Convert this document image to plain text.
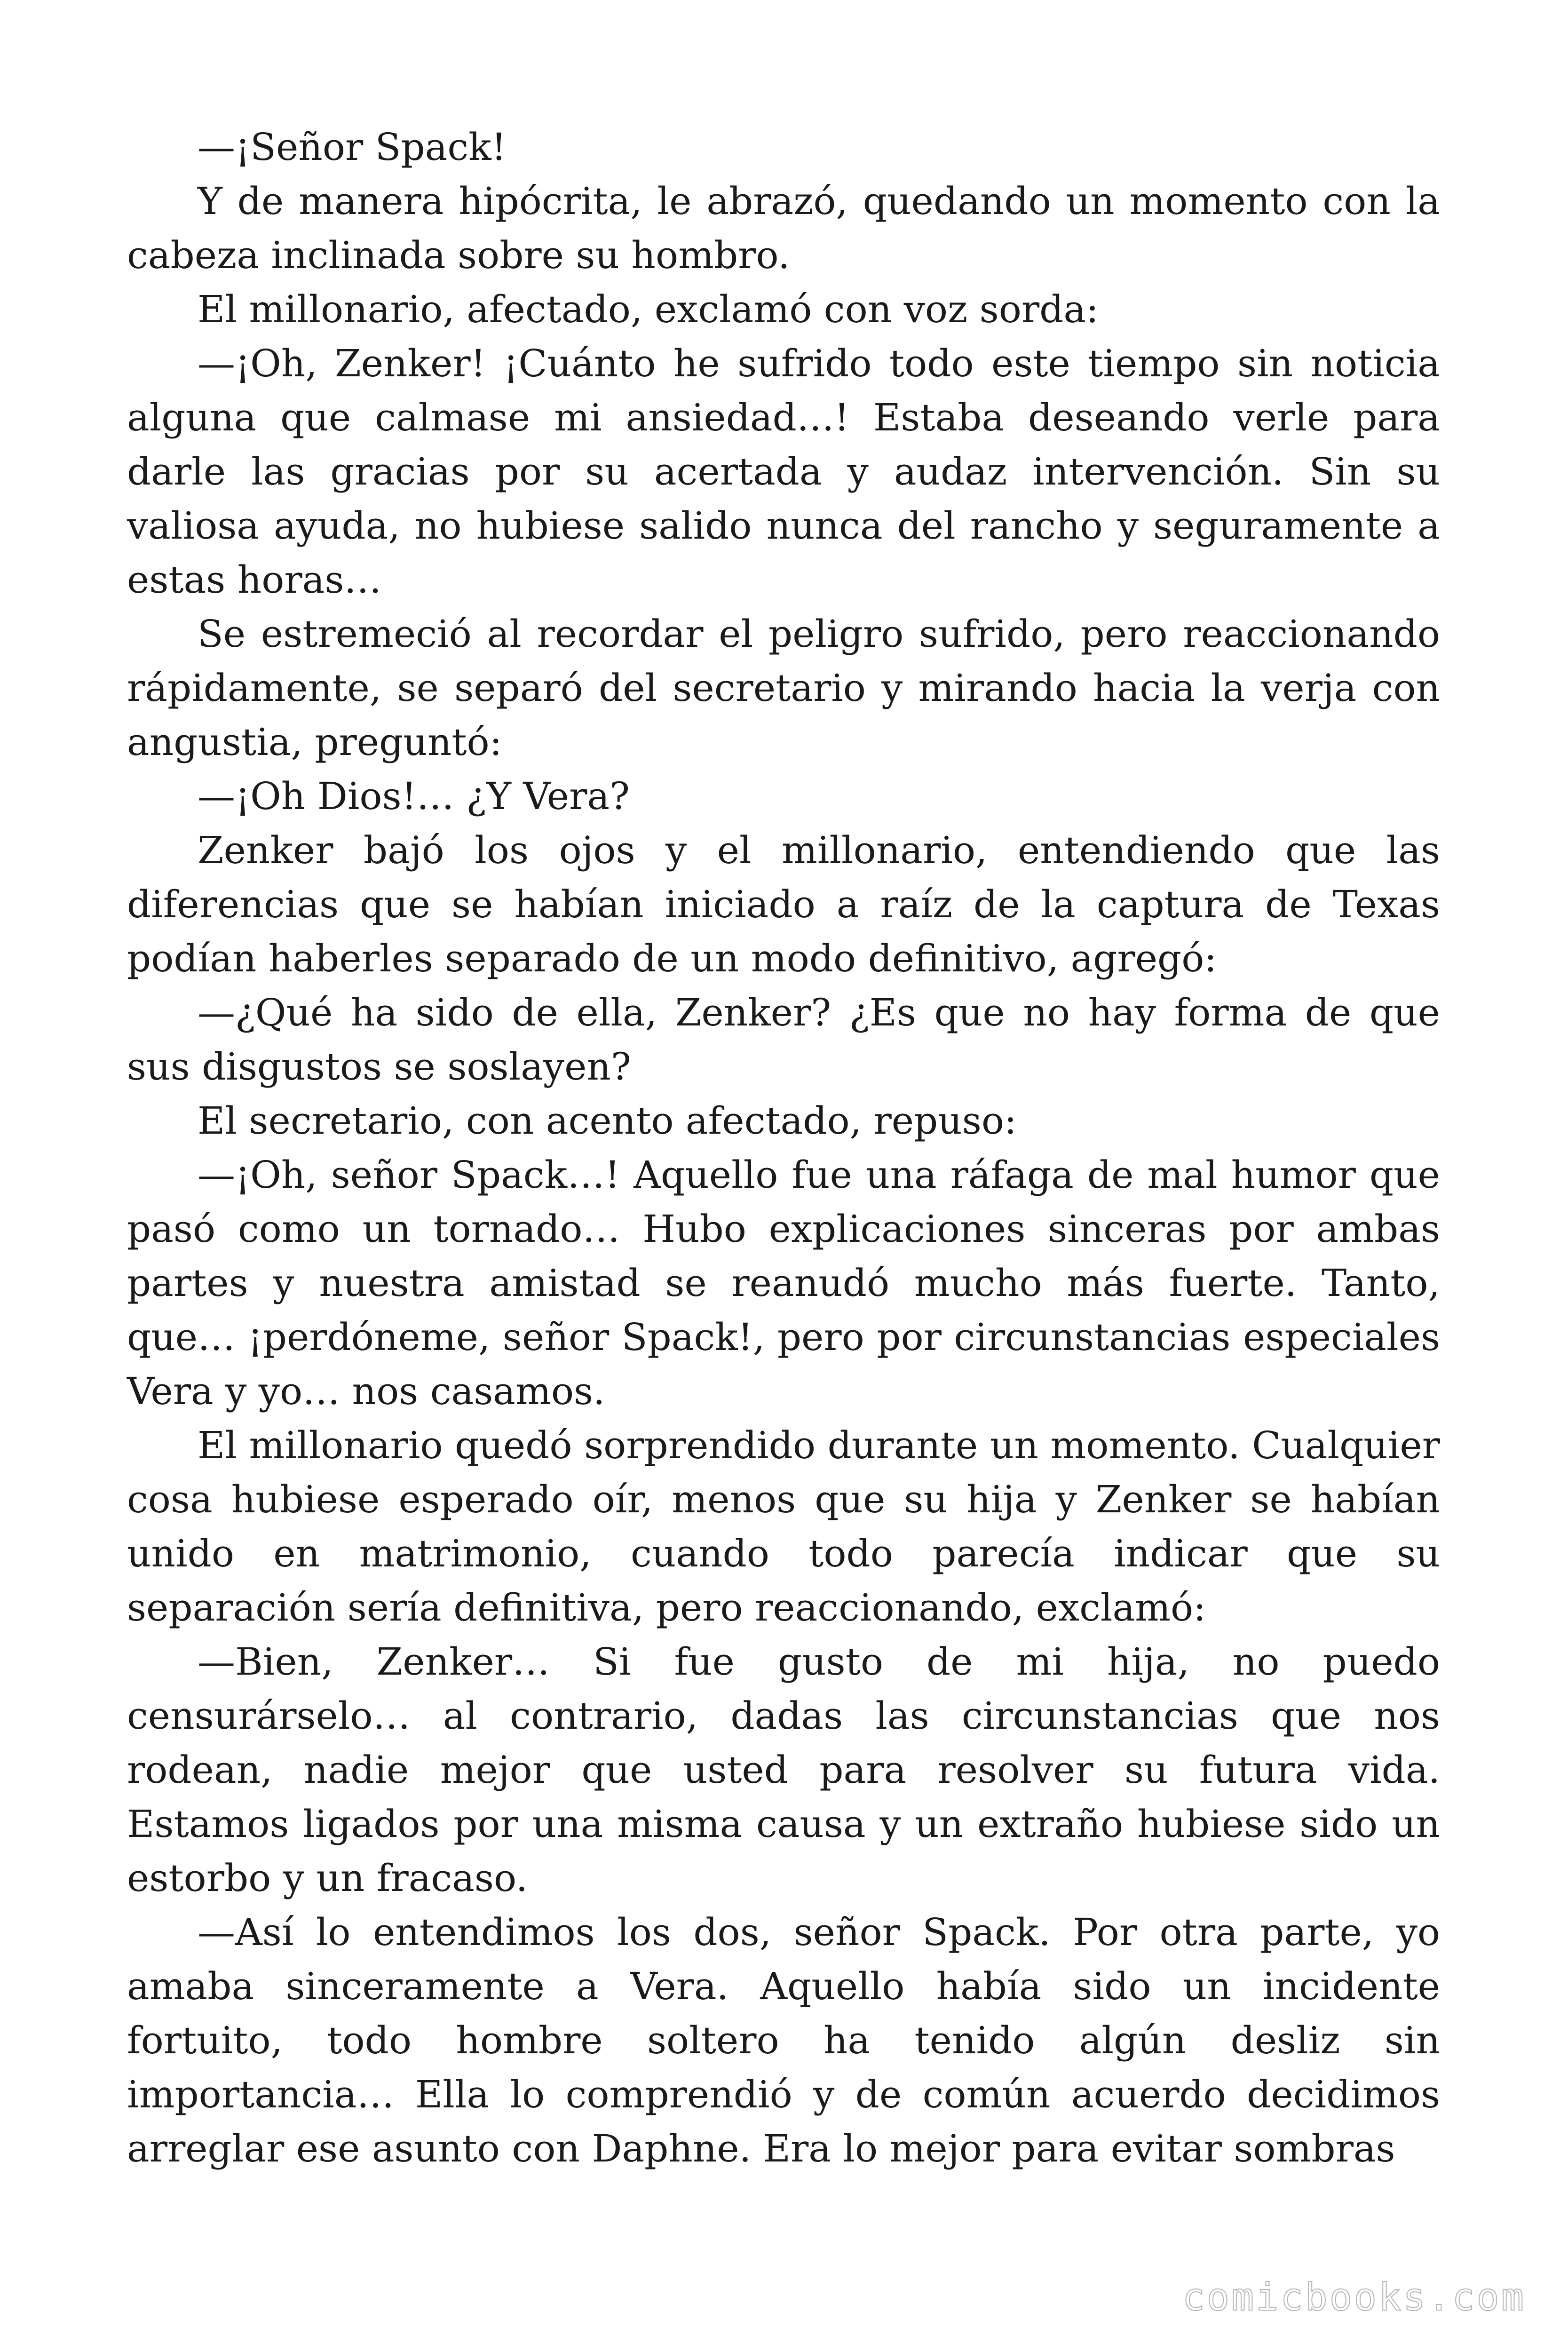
—¡Señor Spack!

Y de manera hipócrita, le abrazó, quedando un momento con la cabeza inclinada sobre su hombro.

El millonario, afectado, exclamó con voz sorda:

—¡Oh, Zenker! ¡Cuánto he sufrido todo este tiempo sin noticia alguna que calmase mi ansiedad…! Estaba deseando verle para darle las gracias por su acertada y audaz intervención. Sin su valiosa ayuda, no hubiese salido nunca del rancho y seguramente a estas horas…

Se estremeció al recordar el peligro sufrido, pero reaccionando rápidamente, se separó del secretario y mirando hacia la verja con angustia, preguntó:

—¡Oh Dios!… ¿Y Vera?

Zenker bajó los ojos y el millonario, entendiendo que las diferencias que se habían iniciado a raíz de la captura de Texas podían haberles separado de un modo definitivo, agregó:

—¿Qué ha sido de ella, Zenker? ¿Es que no hay forma de que sus disgustos se soslayen?

El secretario, con acento afectado, repuso:

—¡Oh, señor Spack…! Aquello fue una ráfaga de mal humor que pasó como un tornado… Hubo explicaciones sinceras por ambas partes y nuestra amistad se reanudó mucho más fuerte. Tanto, que… ¡perdóneme, señor Spack!, pero por circunstancias especiales Vera y yo… nos casamos.

El millonario quedó sorprendido durante un momento. Cualquier cosa hubiese esperado oír, menos que su hija y Zenker se habían unido en matrimonio, cuando todo parecía indicar que su separación sería definitiva, pero reaccionando, exclamó:

—Bien, Zenker… Si fue gusto de mi hija, no puedo censurárselo… al contrario, dadas las circunstancias que nos rodean, nadie mejor que usted para resolver su futura vida. Estamos ligados por una misma causa y un extraño hubiese sido un estorbo y un fracaso.

—Así lo entendimos los dos, señor Spack. Por otra parte, yo amaba sinceramente a Vera. Aquello había sido un incidente fortuito, todo hombre soltero ha tenido algún desliz sin importancia… Ella lo comprendió y de común acuerdo decidimos arreglar ese asunto con Daphne. Era lo mejor para evitar sombras

comicbooks.com
